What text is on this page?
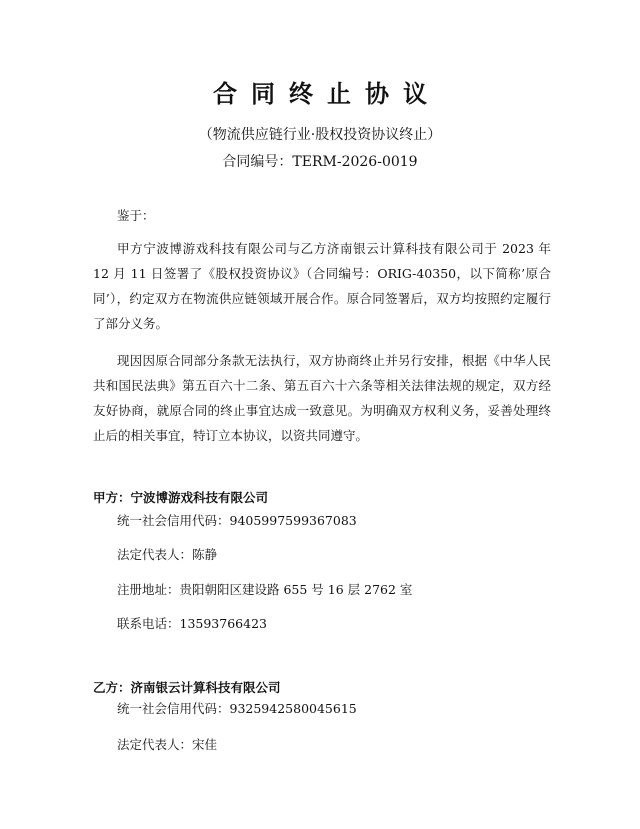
合同终止协议
（物流供应链行业·股权投资协议终止）
合同编号：TERM-2026-0019
鉴于：
甲方宁波博游戏科技有限公司与乙方济南银云计算科技有限公司于 2023 年 12 月 11 日签署了《股权投资协议》（合同编号：ORIG-40350，以下简称’原合同’），约定双方在物流供应链领域开展合作。原合同签署后，双方均按照约定履行了部分义务。
现因因原合同部分条款无法执行，双方协商终止并另行安排，根据《中华人民共和国民法典》第五百六十二条、第五百六十六条等相关法律法规的规定，双方经友好协商，就原合同的终止事宜达成一致意见。为明确双方权利义务，妥善处理终止后的相关事宜，特订立本协议，以资共同遵守。
甲方：宁波博游戏科技有限公司
统一社会信用代码：9405997599367083
法定代表人：陈静
注册地址：贵阳朝阳区建设路 655 号 16 层 2762 室
联系电话：13593766423
乙方：济南银云计算科技有限公司
统一社会信用代码：9325942580045615
法定代表人：宋佳
